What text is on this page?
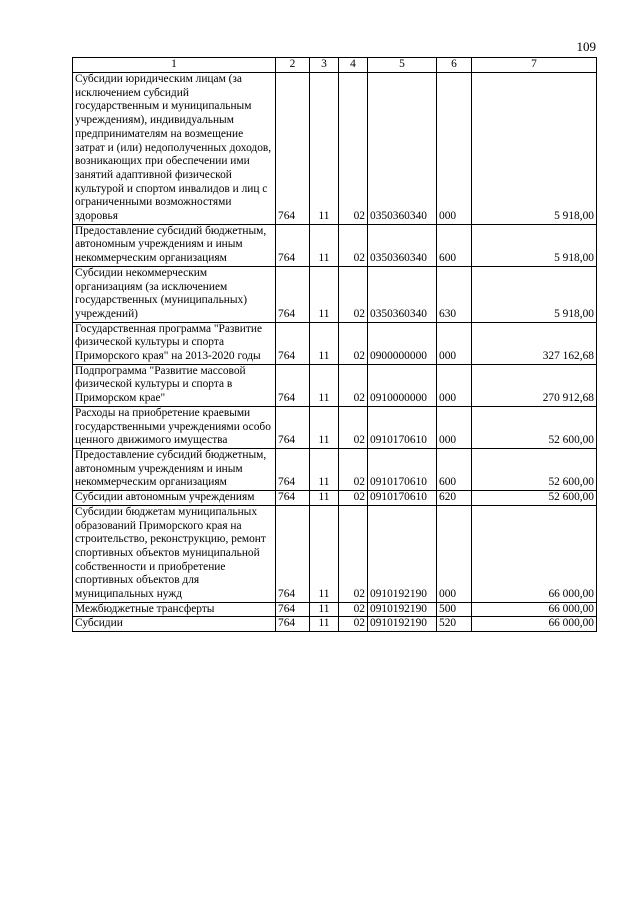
109
1	2	3	4	5	6	7
Субсидии юридическим лицам (за исключением субсидий государственным и муниципальным учреждениям), индивидуальным предпринимателям на возмещение затрат и (или) недополученных доходов, возникающих при обеспечении ими занятий адаптивной физической культурой и спортом инвалидов и лиц с ограниченными возможностями здоровья	764	11	02	0350360340	000	5 918,00
Предоставление субсидий бюджетным, автономным учреждениям и иным некоммерческим организациям	764	11	02	0350360340	600	5 918,00
Субсидии некоммерческим организациям (за исключением государственных (муниципальных) учреждений)	764	11	02	0350360340	630	5 918,00
Государственная программа "Развитие физической культуры и спорта Приморского края" на 2013-2020 годы	764	11	02	0900000000	000	327 162,68
Подпрограмма "Развитие массовой физической культуры и спорта в Приморском крае"	764	11	02	0910000000	000	270 912,68
Расходы на приобретение краевыми государственными учреждениями особо ценного движимого имущества	764	11	02	0910170610	000	52 600,00
Предоставление субсидий бюджетным, автономным учреждениям и иным некоммерческим организациям	764	11	02	0910170610	600	52 600,00
Субсидии автономным учреждениям	764	11	02	0910170610	620	52 600,00
Субсидии бюджетам муниципальных образований Приморского края на строительство, реконструкцию, ремонт спортивных объектов муниципальной собственности и приобретение спортивных объектов для муниципальных нужд	764	11	02	0910192190	000	66 000,00
Межбюджетные трансферты	764	11	02	0910192190	500	66 000,00
Субсидии	764	11	02	0910192190	520	66 000,00
